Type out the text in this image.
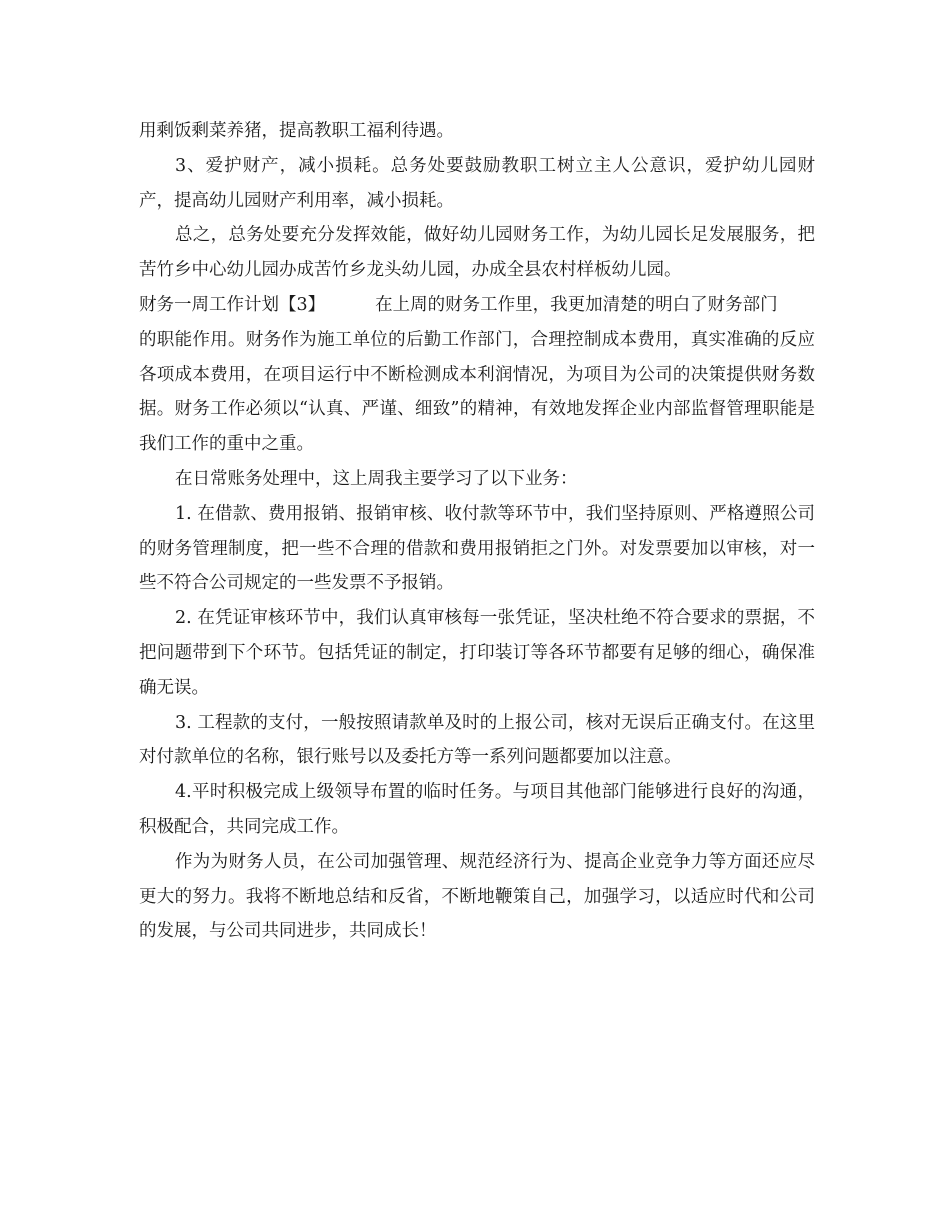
用剩饭剩菜养猪，提高教职工福利待遇。

3、爱护财产，减小损耗。总务处要鼓励教职工树立主人公意识，爱护幼儿园财产，提高幼儿园财产利用率，减小损耗。

总之，总务处要充分发挥效能，做好幼儿园财务工作，为幼儿园长足发展服务，把苦竹乡中心幼儿园办成苦竹乡龙头幼儿园，办成全县农村样板幼儿园。

财务一周工作计划【3】	在上周的财务工作里，我更加清楚的明白了财务部门

的职能作用。财务作为施工单位的后勤工作部门，合理控制成本费用，真实准确的反应各项成本费用，在项目运行中不断检测成本利润情况，为项目为公司的决策提供财务数据。财务工作必须以“认真、严谨、细致”的精神，有效地发挥企业内部监督管理职能是我们工作的重中之重。

在日常账务处理中，这上周我主要学习了以下业务：

1. 在借款、费用报销、报销审核、收付款等环节中，我们坚持原则、严格遵照公司的财务管理制度，把一些不合理的借款和费用报销拒之门外。对发票要加以审核，对一些不符合公司规定的一些发票不予报销。

2. 在凭证审核环节中，我们认真审核每一张凭证，坚决杜绝不符合要求的票据，不把问题带到下个环节。包括凭证的制定，打印装订等各环节都要有足够的细心，确保准确无误。

3. 工程款的支付，一般按照请款单及时的上报公司，核对无误后正确支付。在这里对付款单位的名称，银行账号以及委托方等一系列问题都要加以注意。

4.平时积极完成上级领导布置的临时任务。与项目其他部门能够进行良好的沟通，积极配合，共同完成工作。

作为为财务人员，在公司加强管理、规范经济行为、提高企业竞争力等方面还应尽更大的努力。我将不断地总结和反省，不断地鞭策自己，加强学习，以适应时代和公司的发展，与公司共同进步，共同成长！
